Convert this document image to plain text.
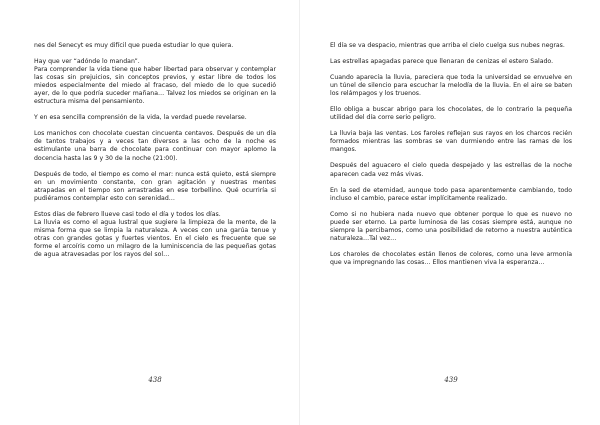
nes del Senecyt es muy difícil que pueda estudiar lo que quiera.

Hay que ver “adónde lo mandan”.

Para comprender la vida tiene que haber libertad para observar y contemplar las cosas sin prejuicios, sin conceptos previos, y estar libre de todos los miedos especialmente del miedo al fracaso, del miedo de lo que sucedió ayer, de lo que podría suceder mañana… Talvez los miedos se originan en la estructura misma del pensamiento.

Y en esa sencilla comprensión de la vida, la verdad puede revelarse.

Los manichos con chocolate cuestan cincuenta centavos. Después de un día de tantos trabajos y a veces tan diversos a las ocho de la noche es estimulante una barra de chocolate para continuar con mayor aplomo la docencia hasta las 9 y 30 de la noche (21:00).

Después de todo, el tiempo es como el mar: nunca está quieto, está siempre en un movimiento constante, con gran agitación y nuestras mentes atrapadas en el tiempo son arrastradas en ese torbellino. Qué ocurriría si pudiéramos contemplar esto con serenidad…

Estos días de febrero llueve casi todo el día y todos los días.

La lluvia es como el agua lustral que sugiere la limpieza de la mente, de la misma forma que se limpia la naturaleza. A veces con una garúa tenue y otras con grandes gotas y fuertes vientos. En el cielo es frecuente que se forme el arcoíris como un milagro de la luminiscencia de las pequeñas gotas de agua atravesadas por los rayos del sol…

438

El día se va despacio, mientras que arriba el cielo cuelga sus nubes negras.

Las estrellas apagadas parece que llenaran de cenizas el estero Salado.

Cuando aparecía la lluvia, pareciera que toda la universidad se envuelve en un túnel de silencio para escuchar la melodía de la lluvia. En el aire se baten los relámpagos y los truenos.

Ello obliga a buscar abrigo para los chocolates, de lo contrario la pequeña utilidad del día corre serio peligro.

La lluvia baja las ventas. Los faroles reflejan sus rayos en los charcos recién formados mientras las sombras se van durmiendo entre las ramas de los mangos.

Después del aguacero el cielo queda despejado y las estrellas de la noche aparecen cada vez más vivas.

En la sed de eternidad, aunque todo pasa aparentemente cambiando, todo incluso el cambio, parece estar implícitamente realizado.

Como si no hubiera nada nuevo que obtener porque lo que es nuevo no puede ser eterno. La parte luminosa de las cosas siempre está, aunque no siempre la percibamos, como una posibilidad de retorno a nuestra auténtica naturaleza…Tal vez…

Los charoles de chocolates están llenos de colores, como una leve armonía que va impregnando las cosas… Ellos mantienen viva la esperanza…

439
